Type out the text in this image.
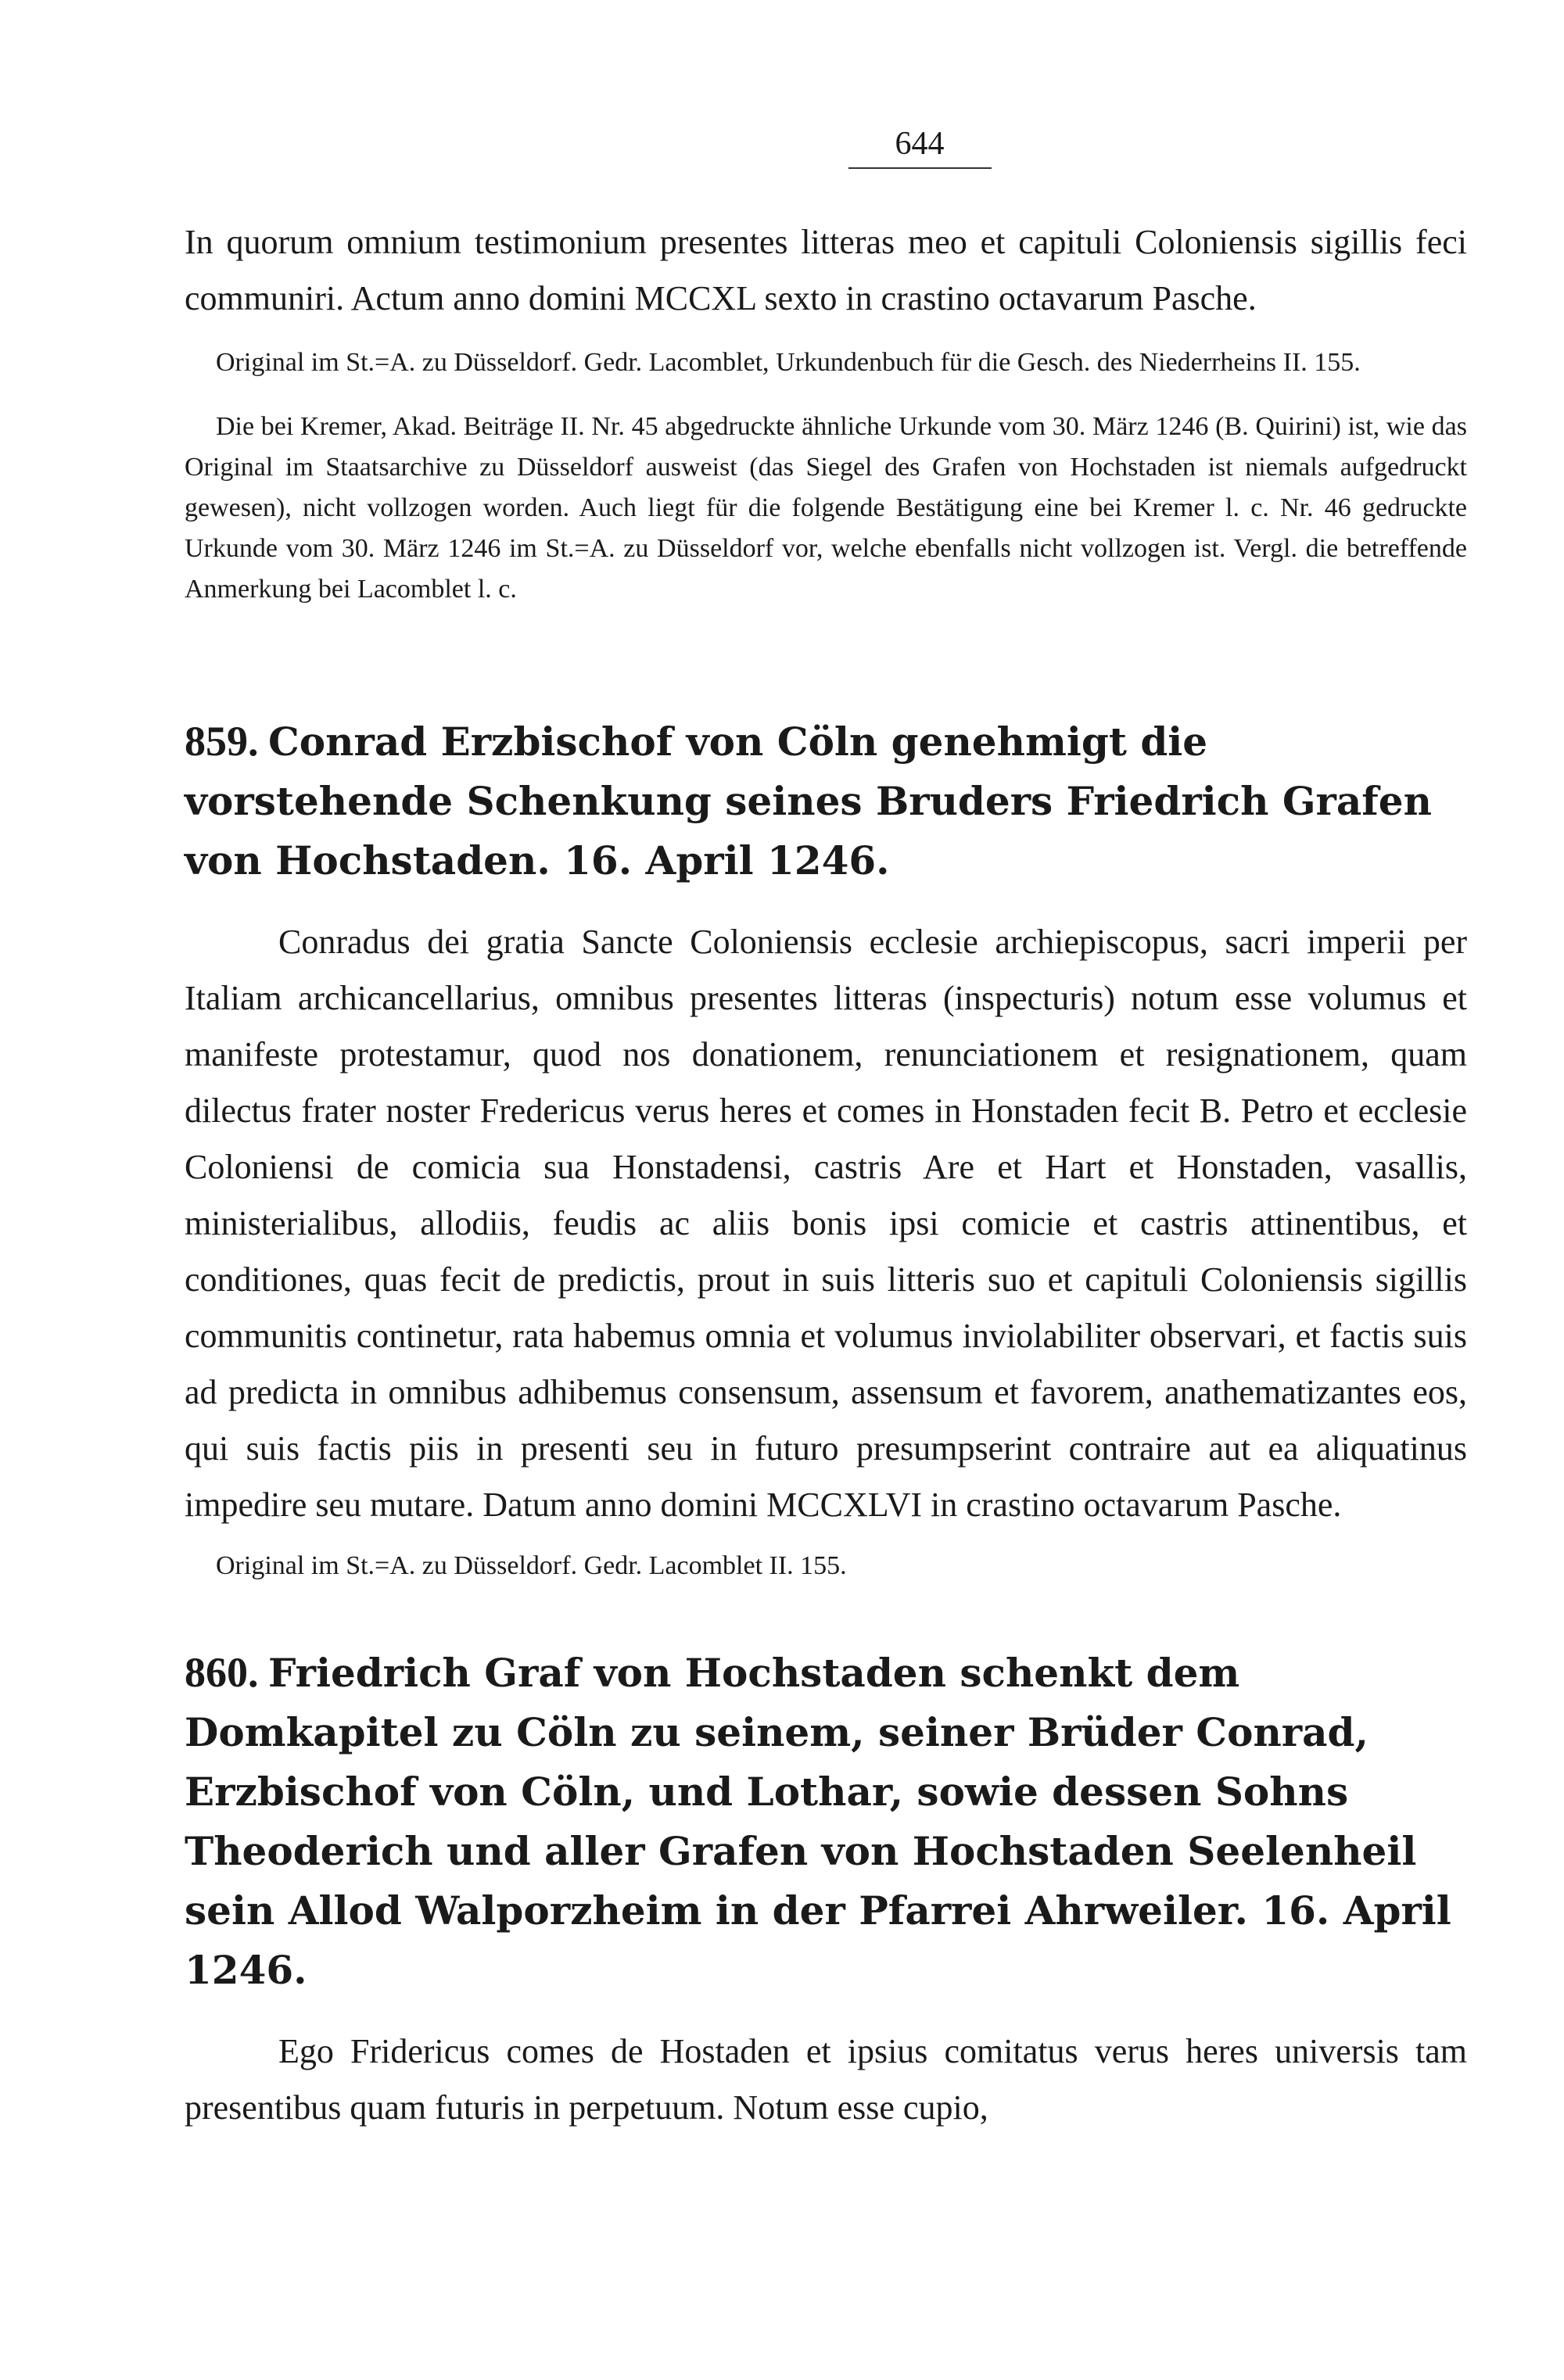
644

In quorum omnium testimonium presentes litteras meo et capituli Coloniensis sigillis feci communiri. Actum anno domini MCCXL sexto in crastino octavarum Pasche.

Original im St.=A. zu Düsseldorf. Gedr. Lacomblet, Urkundenbuch für die Gesch. des Niederrheins II. 155.

Die bei Kremer, Akad. Beiträge II. Nr. 45 abgedruckte ähnliche Urkunde vom 30. März 1246 (B. Quirini) ist, wie das Original im Staatsarchive zu Düsseldorf ausweist (das Siegel des Grafen von Hochstaden ist niemals aufgedruckt gewesen), nicht vollzogen worden. Auch liegt für die folgende Bestätigung eine bei Kremer l. c. Nr. 46 gedruckte Urkunde vom 30. März 1246 im St.=A. zu Düsseldorf vor, welche ebenfalls nicht vollzogen ist. Vergl. die betreffende Anmerkung bei Lacomblet l. c.

859. Conrad Erzbischof von Cöln genehmigt die vorstehende Schenkung seines Bruders Friedrich Grafen von Hochstaden. 16. April 1246.

Conradus dei gratia Sancte Coloniensis ecclesie archiepiscopus, sacri imperii per Italiam archicancellarius, omnibus presentes litteras (inspecturis) notum esse volumus et manifeste protestamur, quod nos donationem, renunciationem et resignationem, quam dilectus frater noster Fredericus verus heres et comes in Honstaden fecit B. Petro et ecclesie Coloniensi de comicia sua Honstadensi, castris Are et Hart et Honstaden, vasallis, ministerialibus, allodiis, feudis ac aliis bonis ipsi comicie et castris attinentibus, et conditiones, quas fecit de predictis, prout in suis litteris suo et capituli Coloniensis sigillis communitis continetur, rata habemus omnia et volumus inviolabiliter observari, et factis suis ad predicta in omnibus adhibemus consensum, assensum et favorem, anathematizantes eos, qui suis factis piis in presenti seu in futuro presumpserint contraire aut ea aliquatinus impedire seu mutare. Datum anno domini MCCXLVI in crastino octavarum Pasche.

Original im St.=A. zu Düsseldorf. Gedr. Lacomblet II. 155.

860. Friedrich Graf von Hochstaden schenkt dem Domkapitel zu Cöln zu seinem, seiner Brüder Conrad, Erzbischof von Cöln, und Lothar, sowie dessen Sohns Theoderich und aller Grafen von Hochstaden Seelenheil sein Allod Walporzheim in der Pfarrei Ahrweiler. 16. April 1246.

Ego Fridericus comes de Hostaden et ipsius comitatus verus heres universis tam presentibus quam futuris in perpetuum. Notum esse cupio,
